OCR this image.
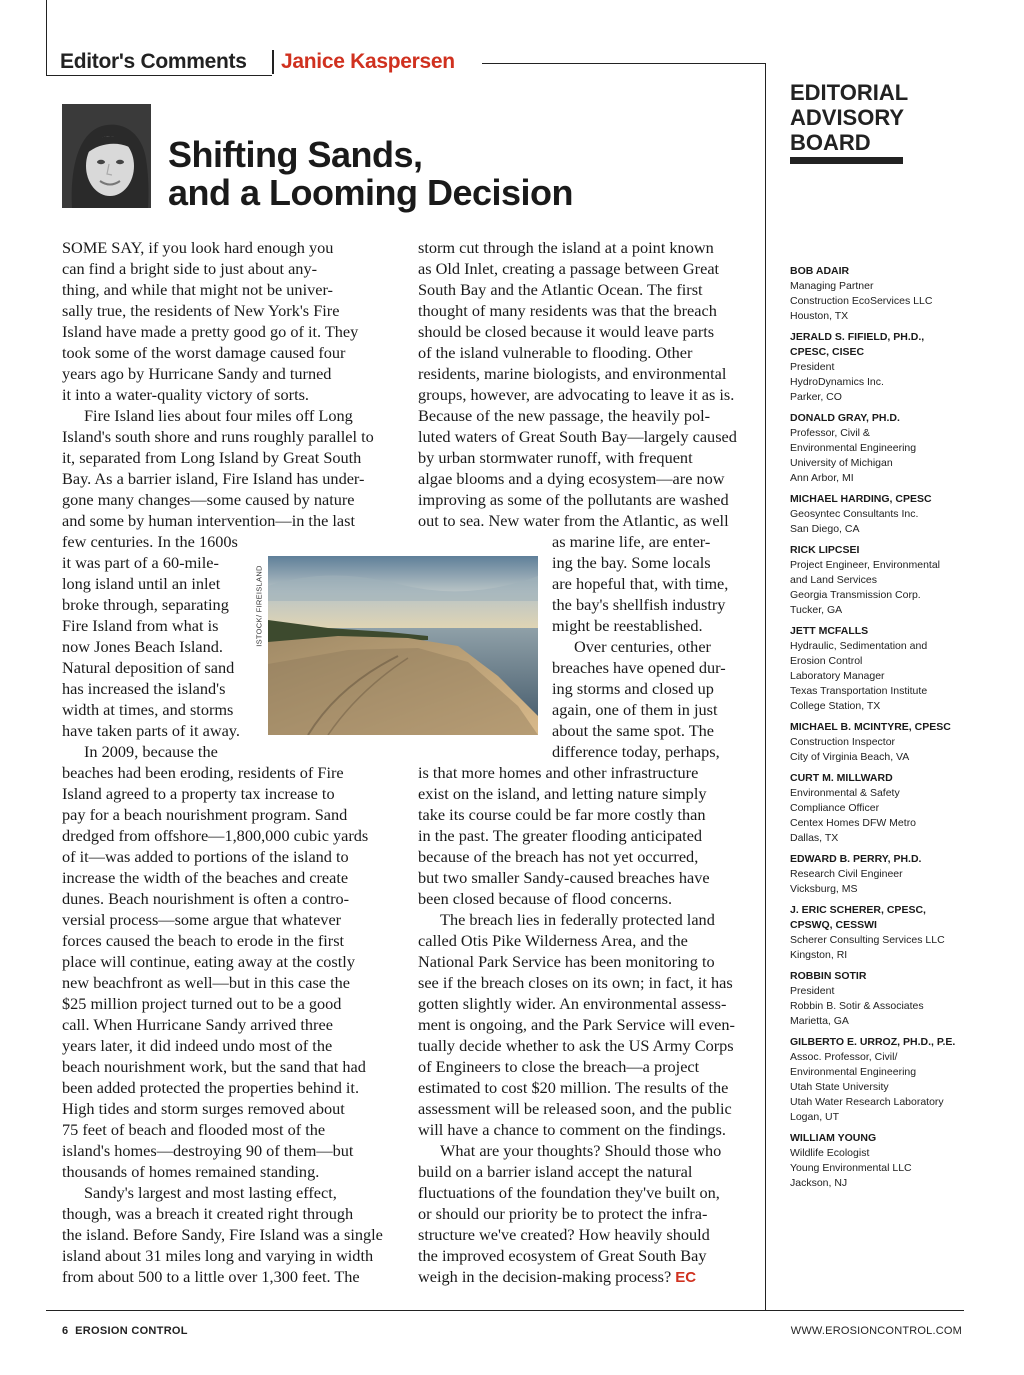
Editor's Comments Janice Kaspersen
Shifting Sands,
and a Looming Decision
SOME SAY, if you look hard enough you
can find a bright side to just about any-
thing, and while that might not be univer-
sally true, the residents of New York's Fire
Island have made a pretty good go of it. They
took some of the worst damage caused four
years ago by Hurricane Sandy and turned
it into a water-quality victory of sorts.
Fire Island lies about four miles off Long
Island's south shore and runs roughly parallel to
it, separated from Long Island by Great South
Bay. As a barrier island, Fire Island has under-
gone many changes—some caused by nature
and some by human intervention—in the last
few centuries. In the 1600s
it was part of a 60-mile-
long island until an inlet
broke through, separating
Fire Island from what is
now Jones Beach Island.
Natural deposition of sand
has increased the island's
width at times, and storms
have taken parts of it away.
In 2009, because the
beaches had been eroding, residents of Fire
Island agreed to a property tax increase to
pay for a beach nourishment program. Sand
dredged from offshore—1,800,000 cubic yards
of it—was added to portions of the island to
increase the width of the beaches and create
dunes. Beach nourishment is often a contro-
versial process—some argue that whatever
forces caused the beach to erode in the first
place will continue, eating away at the costly
new beachfront as well—but in this case the
$25 million project turned out to be a good
call. When Hurricane Sandy arrived three
years later, it did indeed undo most of the
beach nourishment work, but the sand that had
been added protected the properties behind it.
High tides and storm surges removed about
75 feet of beach and flooded most of the
island's homes—destroying 90 of them—but
thousands of homes remained standing.
Sandy's largest and most lasting effect,
though, was a breach it created right through
the island. Before Sandy, Fire Island was a single
island about 31 miles long and varying in width
from about 500 to a little over 1,300 feet. The
storm cut through the island at a point known
as Old Inlet, creating a passage between Great
South Bay and the Atlantic Ocean. The first
thought of many residents was that the breach
should be closed because it would leave parts
of the island vulnerable to flooding. Other
residents, marine biologists, and environmental
groups, however, are advocating to leave it as is.
Because of the new passage, the heavily pol-
luted waters of Great South Bay—largely caused
by urban stormwater runoff, with frequent
algae blooms and a dying ecosystem—are now
improving as some of the pollutants are washed
out to sea. New water from the Atlantic, as well
as marine life, are enter-
ing the bay. Some locals
are hopeful that, with time,
the bay's shellfish industry
might be reestablished.
Over centuries, other
breaches have opened dur-
ing storms and closed up
again, one of them in just
about the same spot. The
difference today, perhaps,
is that more homes and other infrastructure
exist on the island, and letting nature simply
take its course could be far more costly than
in the past. The greater flooding anticipated
because of the breach has not yet occurred,
but two smaller Sandy-caused breaches have
been closed because of flood concerns.
The breach lies in federally protected land
called Otis Pike Wilderness Area, and the
National Park Service has been monitoring to
see if the breach closes on its own; in fact, it has
gotten slightly wider. An environmental assess-
ment is ongoing, and the Park Service will even-
tually decide whether to ask the US Army Corps
of Engineers to close the breach—a project
estimated to cost $20 million. The results of the
assessment will be released soon, and the public
will have a chance to comment on the findings.
What are your thoughts? Should those who
build on a barrier island accept the natural
fluctuations of the foundation they've built on,
or should our priority be to protect the infra-
structure we've created? How heavily should
the improved ecosystem of Great South Bay
weigh in the decision-making process? EC
ISTOCK/ FIREISLAND
EDITORIAL
ADVISORY
BOARD
BOB ADAIR
Managing Partner
Construction EcoServices LLC
Houston, TX
JERALD S. FIFIELD, PH.D.,
CPESC, CISEC
President
HydroDynamics Inc.
Parker, CO
DONALD GRAY, PH.D.
Professor, Civil &
Environmental Engineering
University of Michigan
Ann Arbor, MI
MICHAEL HARDING, CPESC
Geosyntec Consultants Inc.
San Diego, CA
RICK LIPCSEI
Project Engineer, Environmental
and Land Services
Georgia Transmission Corp.
Tucker, GA
JETT MCFALLS
Hydraulic, Sedimentation and
Erosion Control
Laboratory Manager
Texas Transportation Institute
College Station, TX
MICHAEL B. MCINTYRE, CPESC
Construction Inspector
City of Virginia Beach, VA
CURT M. MILLWARD
Environmental & Safety
Compliance Officer
Centex Homes DFW Metro
Dallas, TX
EDWARD B. PERRY, PH.D.
Research Civil Engineer
Vicksburg, MS
J. ERIC SCHERER, CPESC,
CPSWQ, CESSWI
Scherer Consulting Services LLC
Kingston, RI
ROBBIN SOTIR
President
Robbin B. Sotir & Associates
Marietta, GA
GILBERTO E. URROZ, PH.D., P.E.
Assoc. Professor, Civil/
Environmental Engineering
Utah State University
Utah Water Research Laboratory
Logan, UT
WILLIAM YOUNG
Wildlife Ecologist
Young Environmental LLC
Jackson, NJ
6 EROSION CONTROL	WWW.EROSIONCONTROL.COM
